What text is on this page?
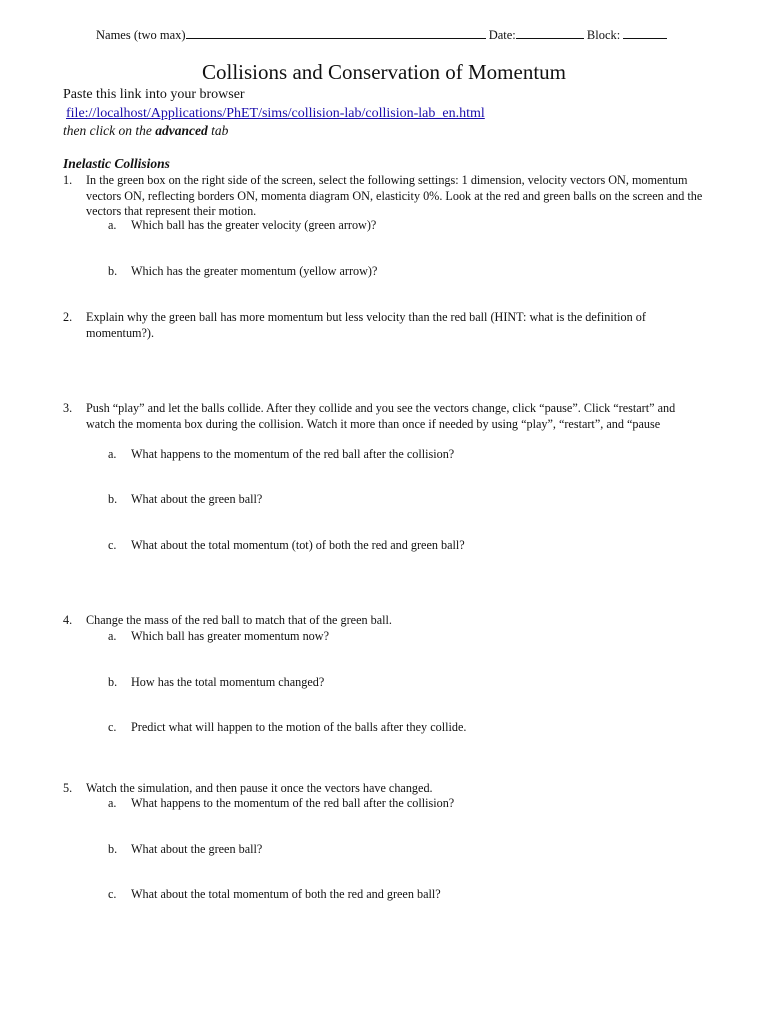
Names (two max)	Date:	Block:
Collisions and Conservation of Momentum
Paste this link into your browser
file://localhost/Applications/PhET/sims/collision-lab/collision-lab_en.html
then click on the advanced tab
Inelastic Collisions
1. In the green box on the right side of the screen, select the following settings: 1 dimension, velocity vectors ON, momentum vectors ON, reflecting borders ON, momenta diagram ON, elasticity 0%. Look at the red and green balls on the screen and the vectors that represent their motion.
a. Which ball has the greater velocity (green arrow)?
b. Which has the greater momentum (yellow arrow)?
2. Explain why the green ball has more momentum but less velocity than the red ball (HINT: what is the definition of momentum?).
3. Push “play” and let the balls collide. After they collide and you see the vectors change, click “pause”. Click “restart” and watch the momenta box during the collision. Watch it more than once if needed by using “play”, “restart”, and “pause
a. What happens to the momentum of the red ball after the collision?
b. What about the green ball?
c. What about the total momentum (tot) of both the red and green ball?
4. Change the mass of the red ball to match that of the green ball.
a. Which ball has greater momentum now?
b. How has the total momentum changed?
c. Predict what will happen to the motion of the balls after they collide.
5. Watch the simulation, and then pause it once the vectors have changed.
a. What happens to the momentum of the red ball after the collision?
b. What about the green ball?
c. What about the total momentum of both the red and green ball?
